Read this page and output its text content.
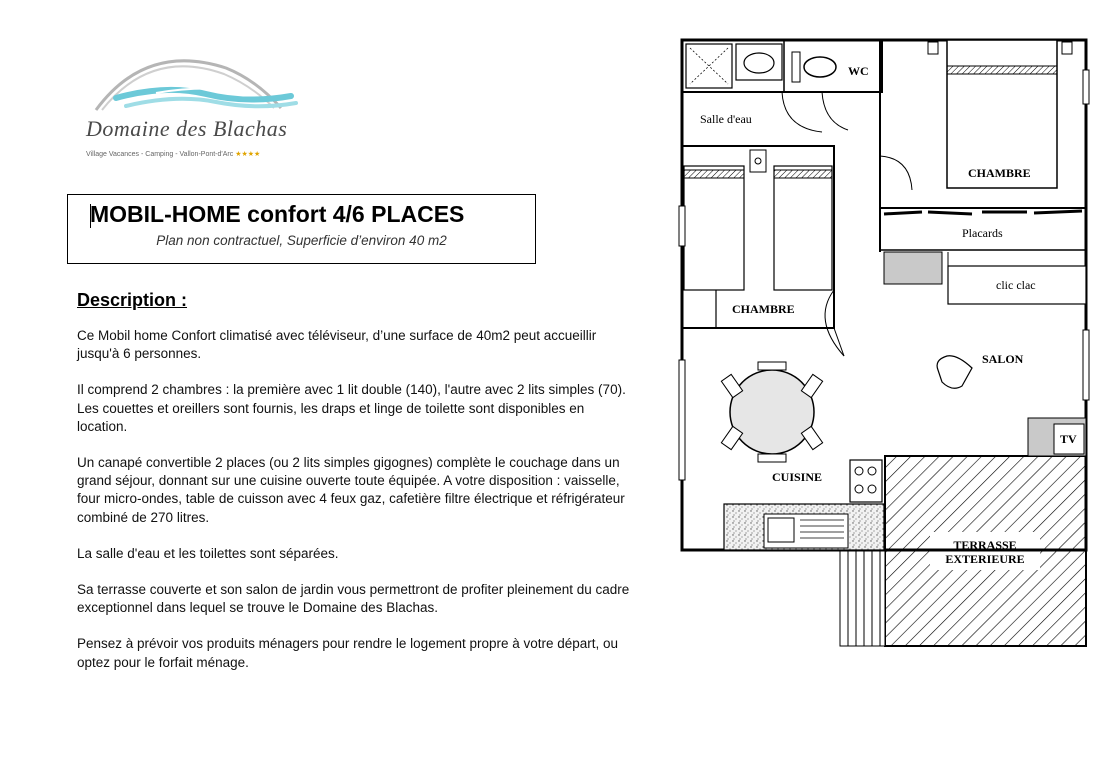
Domaine des Blachas
Village Vacances - Camping - Vallon-Pont-d'Arc ★★★★
MOBIL-HOME confort 4/6 PLACES
Plan non contractuel, Superficie d’environ 40 m2
Description :

Ce Mobil home Confort climatisé avec téléviseur, d’une surface de 40m2 peut accueillir jusqu'à 6 personnes.

Il comprend 2 chambres : la première avec 1 lit double (140), l'autre avec 2 lits simples (70). Les couettes et oreillers sont fournis, les draps et linge de toilette sont disponibles en location.

Un canapé convertible 2 places (ou 2 lits simples gigognes) complète le couchage dans un grand séjour, donnant sur une cuisine ouverte toute équipée. A votre disposition : vaisselle, four micro-ondes, table de cuisson avec 4 feux gaz, cafetière filtre électrique et réfrigérateur combiné de 270 litres.

La salle d'eau et les toilettes sont séparées.

Sa terrasse couverte et son salon de jardin vous permettront de profiter pleinement du cadre exceptionnel dans lequel se trouve le Domaine des Blachas.

Pensez à prévoir vos produits ménagers pour rendre le logement propre à votre départ, ou optez pour le forfait ménage.

WC
Salle d'eau
CHAMBRE
Placards
CHAMBRE
clic clac
SALON
TV
CUISINE
TERRASSE
EXTERIEURE
